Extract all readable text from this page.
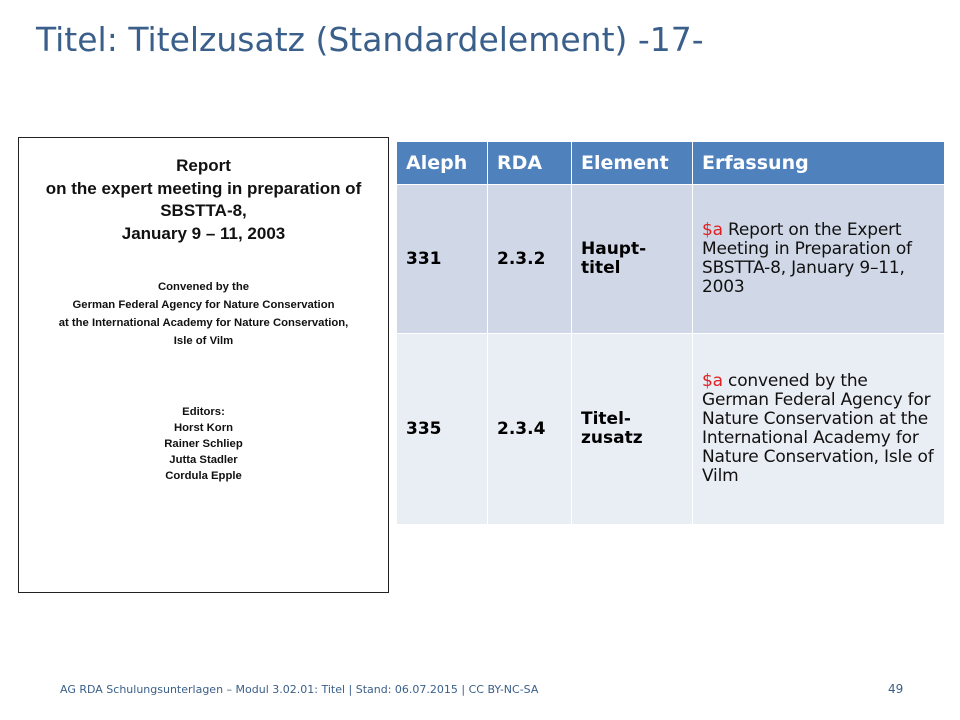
Titel: Titelzusatz (Standardelement) -17-
Report
on the expert meeting in preparation of
SBSTTA-8,
January 9 – 11, 2003
Convened by the
German Federal Agency for Nature Conservation
at the International Academy for Nature Conservation,
Isle of Vilm
Editors:
Horst Korn
Rainer Schliep
Jutta Stadler
Cordula Epple
Aleph	RDA	Element	Erfassung
331	2.3.2	Haupt-
titel	$a Report on the Expert Meeting in Preparation of SBSTTA-8, January 9–11, 2003
335	2.3.4	Titel-
zusatz	$a convened by the German Federal Agency for Nature Conservation at the International Academy for Nature Conservation, Isle of Vilm
AG RDA Schulungsunterlagen – Modul 3.02.01: Titel | Stand: 06.07.2015 | CC BY-NC-SA	49
